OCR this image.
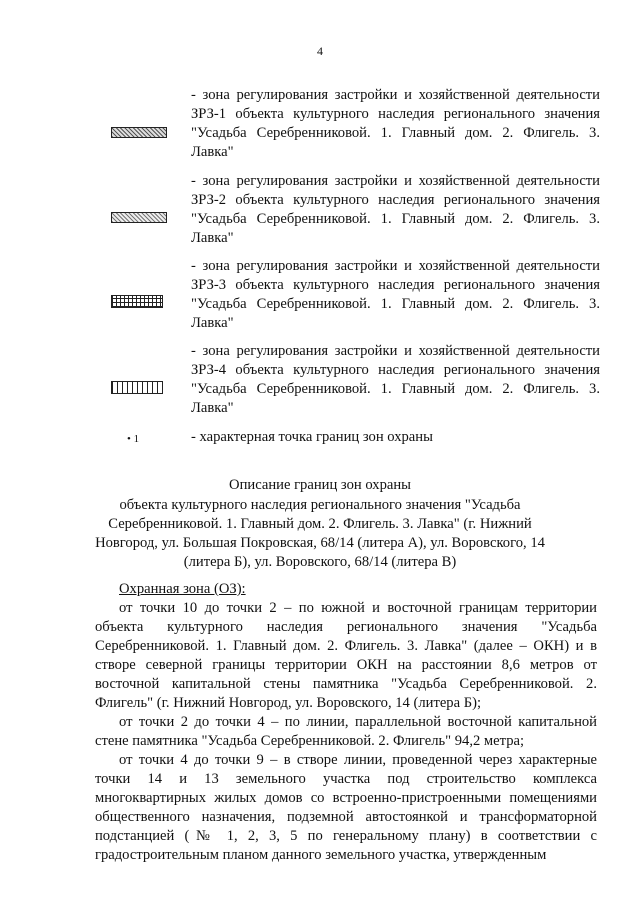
4
- зона регулирования застройки и хозяйственной деятельности ЗРЗ-1 объекта культурного наследия регионального значения "Усадьба Серебренниковой. 1. Главный дом. 2. Флигель. 3. Лавка"
- зона регулирования застройки и хозяйственной деятельности ЗРЗ-2 объекта культурного наследия регионального значения "Усадьба Серебренниковой. 1. Главный дом. 2. Флигель. 3. Лавка"
- зона регулирования застройки и хозяйственной деятельности ЗРЗ-3 объекта культурного наследия регионального значения "Усадьба Серебренниковой. 1. Главный дом. 2. Флигель. 3. Лавка"
- зона регулирования застройки и хозяйственной деятельности ЗРЗ-4 объекта культурного наследия регионального значения "Усадьба Серебренниковой. 1. Главный дом. 2. Флигель. 3. Лавка"
• 1	- характерная точка границ зон охраны
Описание границ зон охраны
объекта культурного наследия регионального значения "Усадьба Серебренниковой. 1. Главный дом. 2. Флигель. 3. Лавка" (г. Нижний Новгород, ул. Большая Покровская, 68/14 (литера А), ул. Воровского, 14 (литера Б), ул. Воровского, 68/14 (литера В)

Охранная зона (ОЗ):

от точки 10 до точки 2 – по южной и восточной границам территории объекта культурного наследия регионального значения "Усадьба Серебренниковой. 1. Главный дом. 2. Флигель. 3. Лавка" (далее – ОКН) и в створе северной границы территории ОКН на расстоянии 8,6 метров от восточной капитальной стены памятника "Усадьба Серебренниковой. 2. Флигель" (г. Нижний Новгород, ул. Воровского, 14 (литера Б);

от точки 2 до точки 4 – по линии, параллельной восточной капитальной стене памятника "Усадьба Серебренниковой. 2. Флигель" 94,2 метра;

от точки 4 до точки 9 – в створе линии, проведенной через характерные точки 14 и 13 земельного участка под строительство комплекса многоквартирных жилых домов со встроенно-пристроенными помещениями общественного назначения, подземной автостоянкой и трансформаторной подстанцией (№ 1, 2, 3, 5 по генеральному плану) в соответствии с градостроительным планом данного земельного участка, утвержденным
